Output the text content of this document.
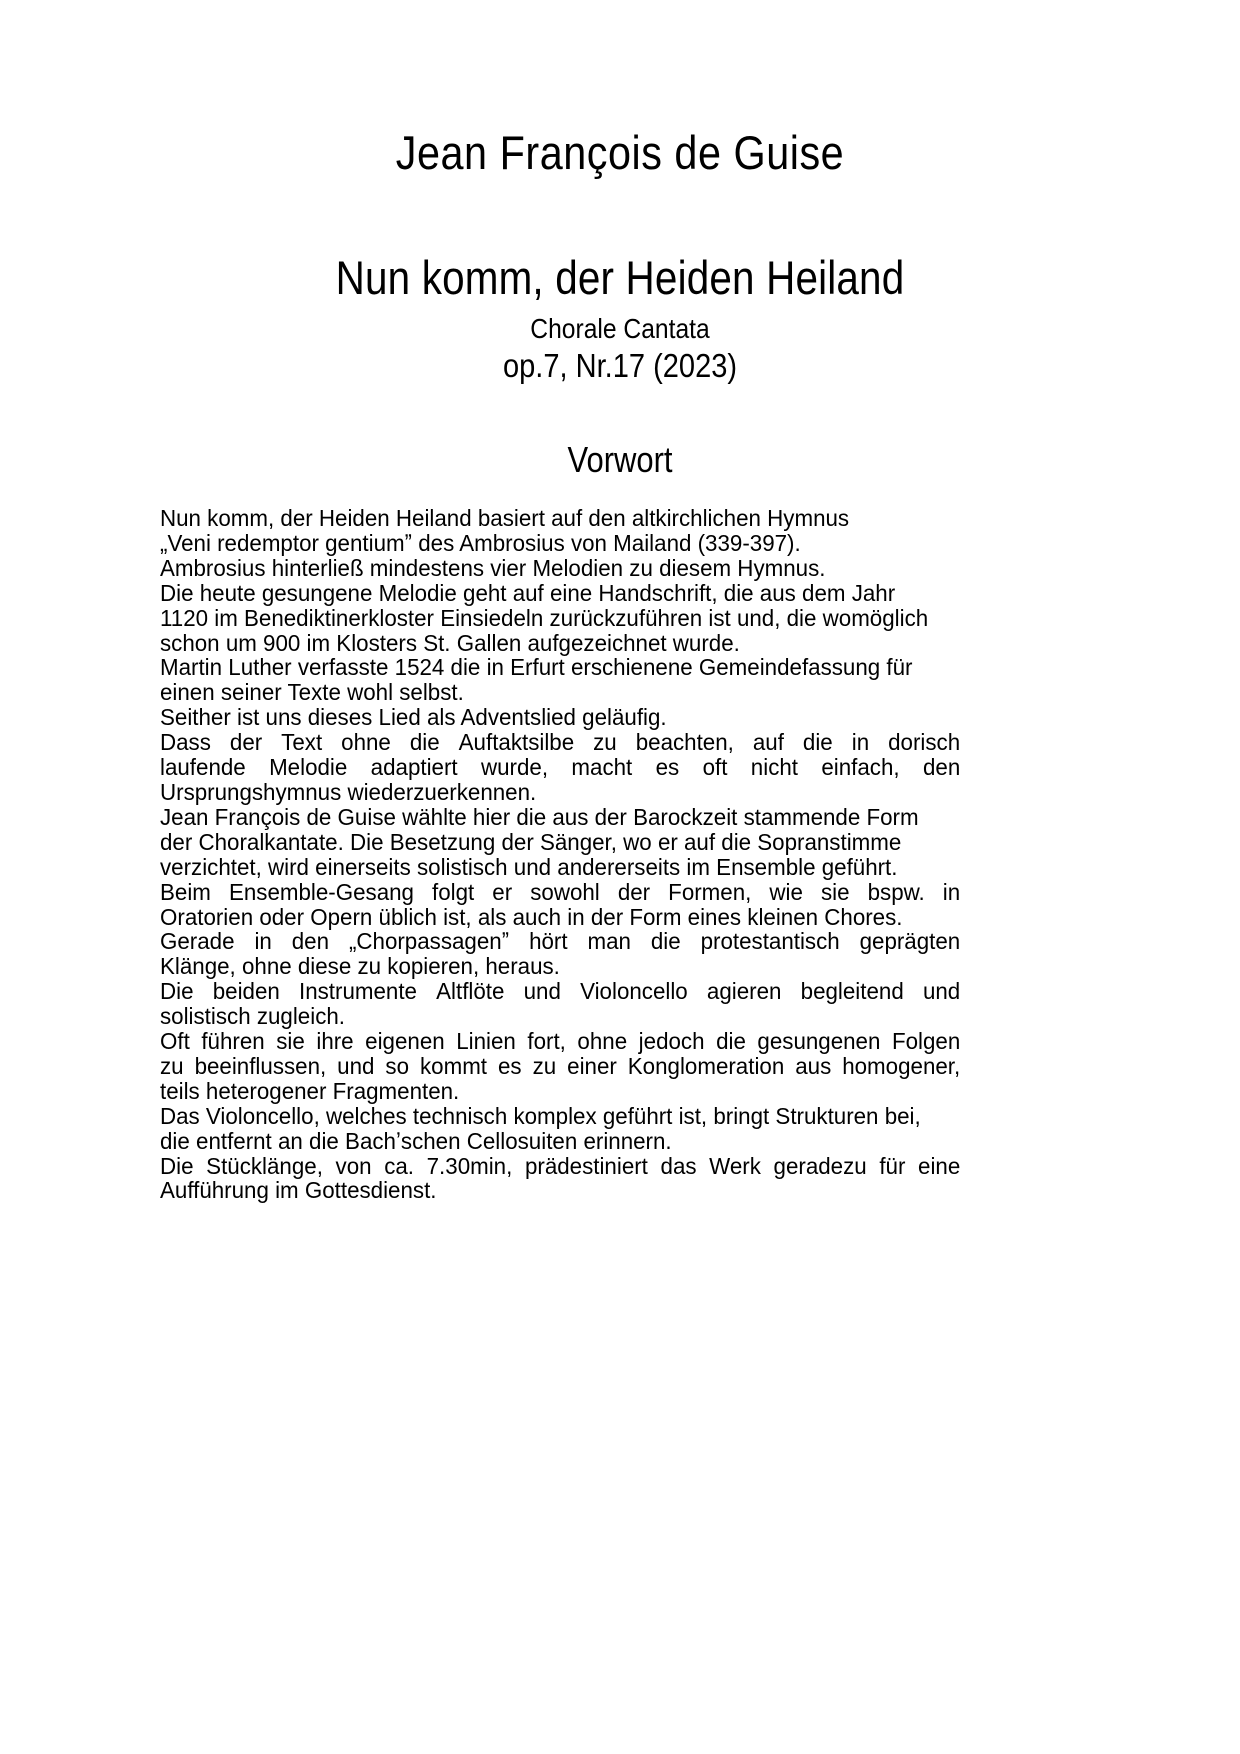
Jean François de Guise
Nun komm, der Heiden Heiland
Chorale Cantata
op.7, Nr.17 (2023)
Vorwort

Nun komm, der Heiden Heiland basiert auf den altkirchlichen Hymnus
„Veni redemptor gentiumˮ des Ambrosius von Mailand (339-397).
Ambrosius hinterließ mindestens vier Melodien zu diesem Hymnus.
Die heute gesungene Melodie geht auf eine Handschrift, die aus dem Jahr
1120 im Benediktinerkloster Einsiedeln zurückzuführen ist und, die womöglich
schon um 900 im Klosters St. Gallen aufgezeichnet wurde.
Martin Luther verfasste 1524 die in Erfurt erschienene Gemeindefassung für
einen seiner Texte wohl selbst.
Seither ist uns dieses Lied als Adventslied geläufig.

Dass der Text ohne die Auftaktsilbe zu beachten, auf die in dorisch
laufende Melodie adaptiert wurde, macht es oft nicht einfach, den
Ursprungshymnus wiederzuerkennen.

Jean François de Guise wählte hier die aus der Barockzeit stammende Form
der Choralkantate. Die Besetzung der Sänger, wo er auf die Sopranstimme
verzichtet, wird einerseits solistisch und andererseits im Ensemble geführt.

Beim Ensemble-Gesang folgt er sowohl der Formen, wie sie bspw. in
Oratorien oder Opern üblich ist, als auch in der Form eines kleinen Chores.

Gerade in den „Chorpassagenˮ hört man die protestantisch geprägten
Klänge, ohne diese zu kopieren, heraus.

Die beiden Instrumente Altflöte und Violoncello agieren begleitend und
solistisch zugleich.

Oft führen sie ihre eigenen Linien fort, ohne jedoch die gesungenen Folgen
zu beeinflussen, und so kommt es zu einer Konglomeration aus homogener,
teils heterogener Fragmenten.

Das Violoncello, welches technisch komplex geführt ist, bringt Strukturen bei,
die entfernt an die Bachʼschen Cellosuiten erinnern.

Die Stücklänge, von ca. 7.30min, prädestiniert das Werk geradezu für eine
Aufführung im Gottesdienst.
